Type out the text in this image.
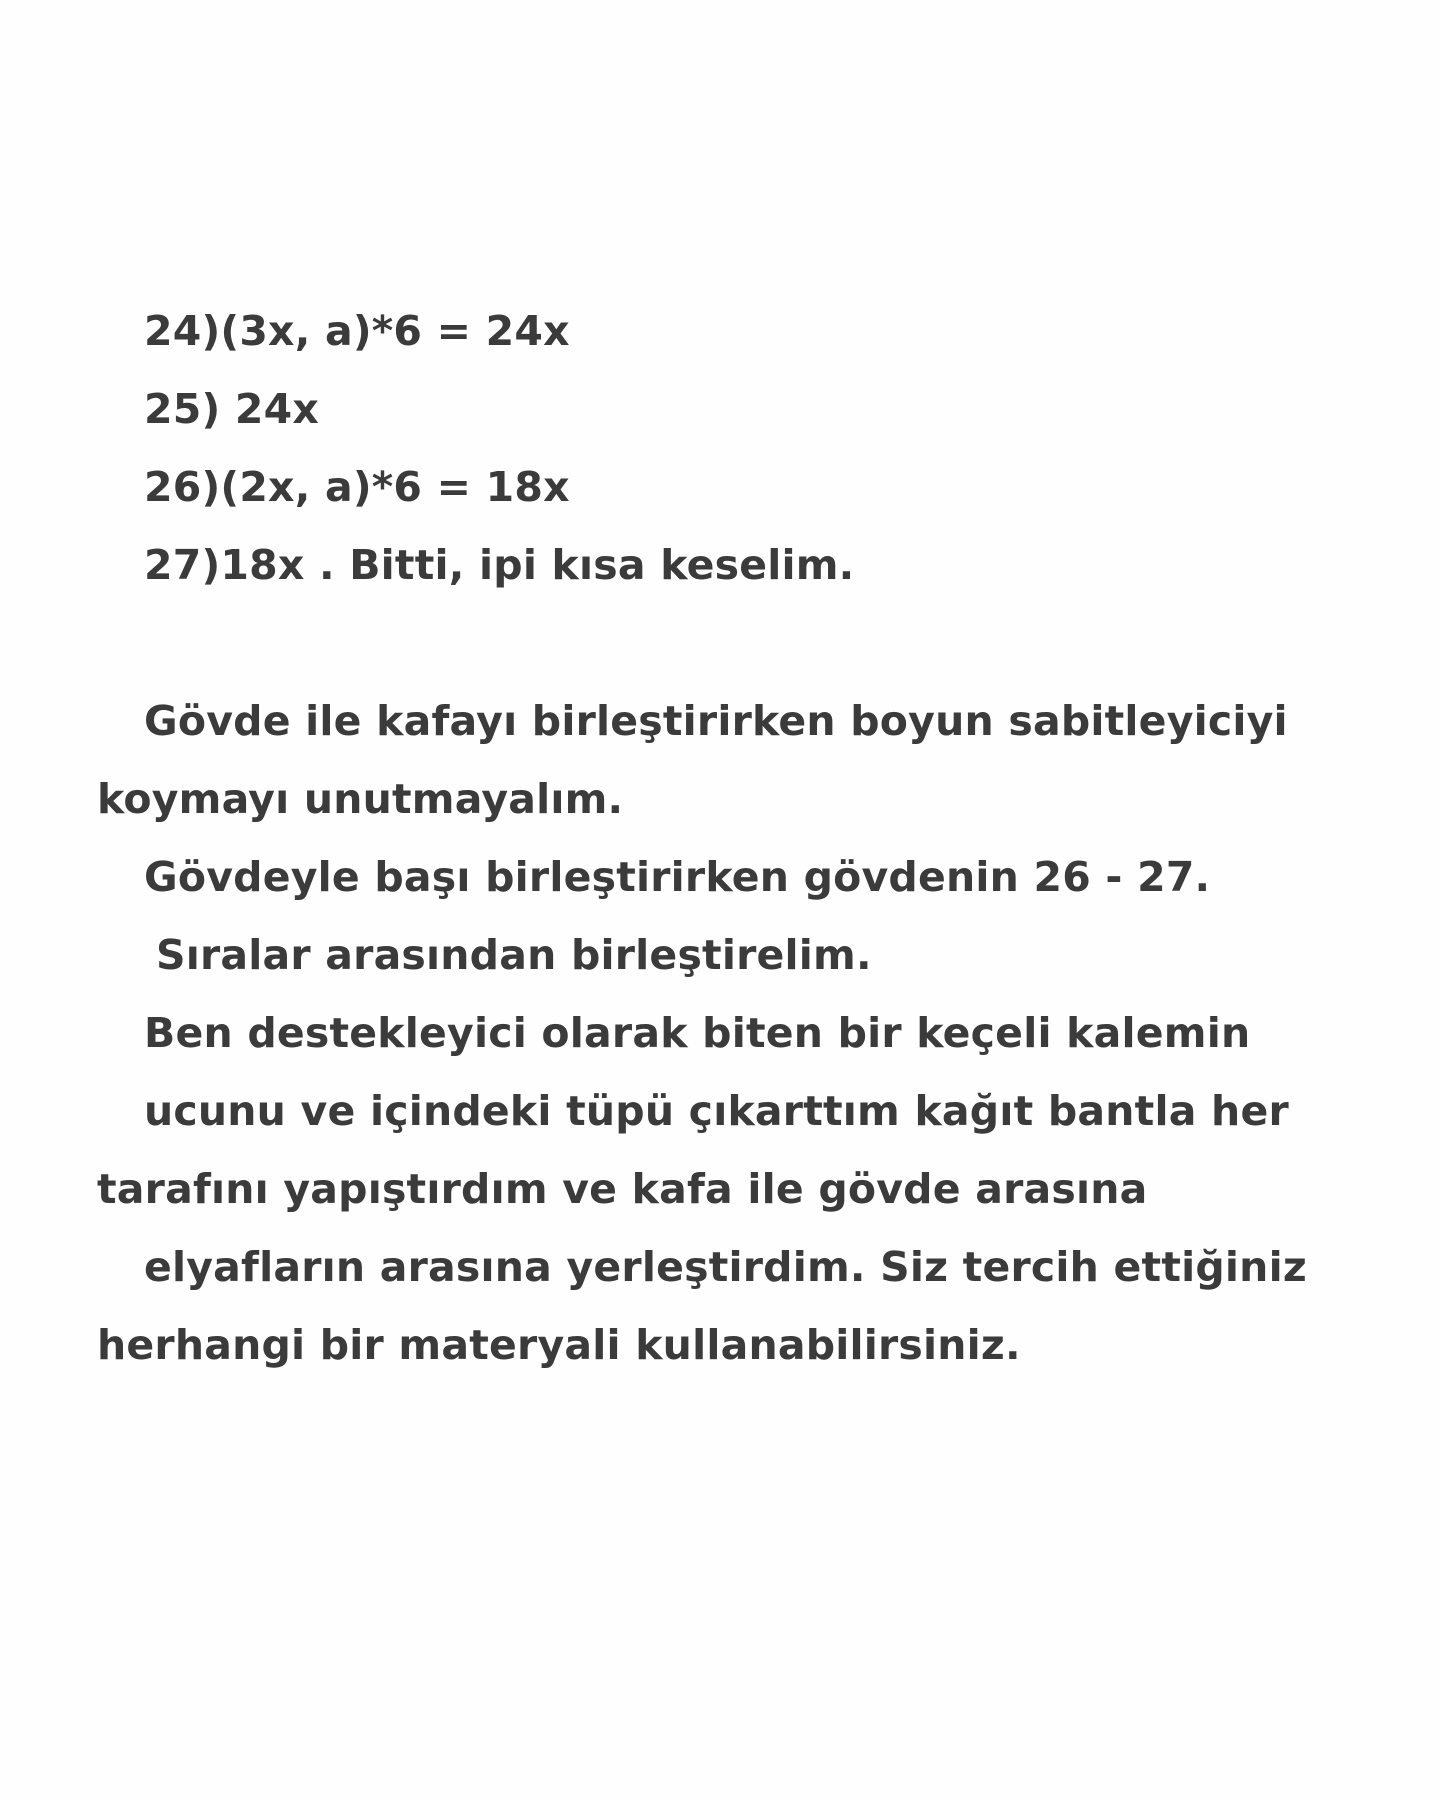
24)(3x, a)*6 = 24x
25) 24x
26)(2x, a)*6 = 18x
27)18x . Bitti, ipi kısa keselim.
Gövde ile kafayı birleştirirken boyun sabitleyiciyi
koymayı unutmayalım.
Gövdeyle başı birleştirirken gövdenin 26 - 27.
Sıralar arasından birleştirelim.
Ben destekleyici olarak biten bir keçeli kalemin
ucunu ve içindeki tüpü çıkarttım kağıt bantla her
tarafını yapıştırdım ve kafa ile gövde arasına
elyafların arasına yerleştirdim. Siz tercih ettiğiniz
herhangi bir materyali kullanabilirsiniz.
